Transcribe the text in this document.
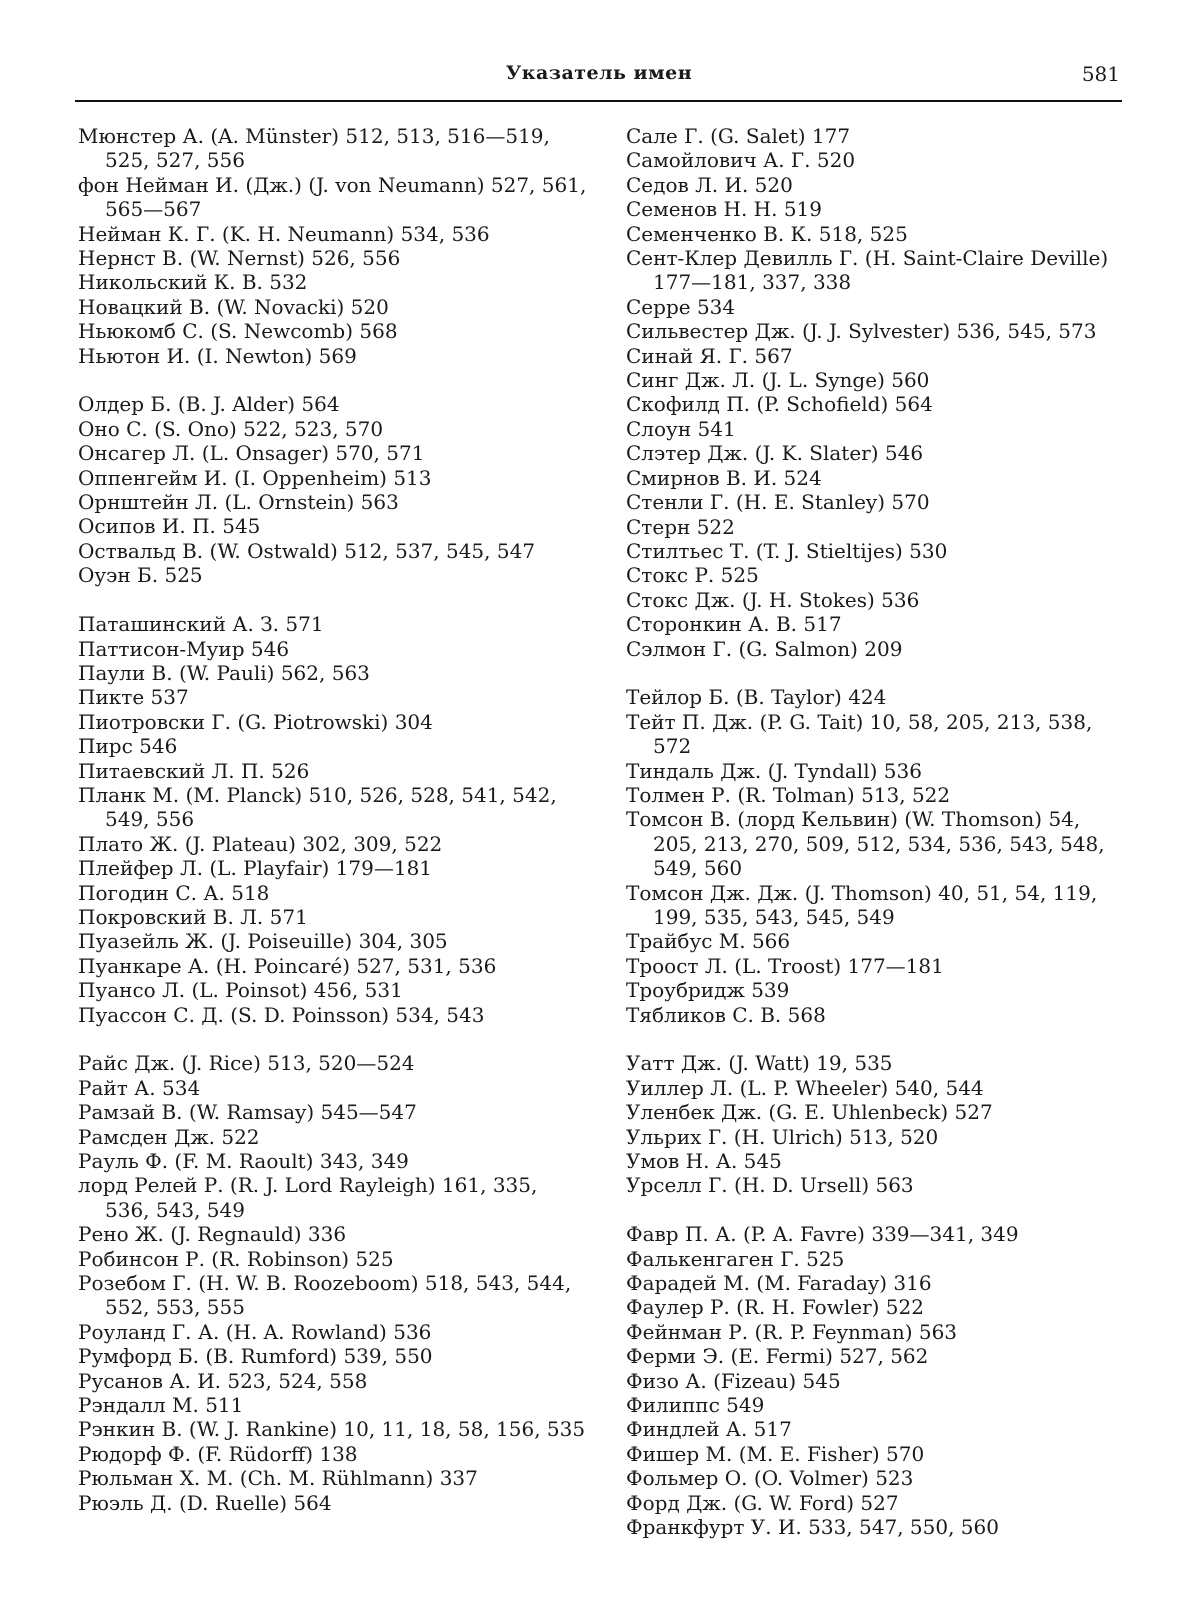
Указатель имен	581
Мюнстер А. (A. Münster) 512, 513, 516—519, 525, 527, 556
фон Нейман И. (Дж.) (J. von Neumann) 527, 561, 565—567
Нейман К. Г. (K. H. Neumann) 534, 536
Нернст В. (W. Nernst) 526, 556
Никольский К. В. 532
Новацкий В. (W. Novacki) 520
Ньюкомб С. (S. Newcomb) 568
Ньютон И. (I. Newton) 569
Олдер Б. (B. J. Alder) 564
Оно С. (S. Ono) 522, 523, 570
Онсагер Л. (L. Onsager) 570, 571
Оппенгейм И. (I. Oppenheim) 513
Орнштейн Л. (L. Ornstein) 563
Осипов И. П. 545
Оствальд В. (W. Ostwald) 512, 537, 545, 547
Оуэн Б. 525
Паташинский А. З. 571
Паттисон-Муир 546
Паули В. (W. Pauli) 562, 563
Пикте 537
Пиотровски Г. (G. Piotrowski) 304
Пирс 546
Питаевский Л. П. 526
Планк М. (M. Planck) 510, 526, 528, 541, 542, 549, 556
Плато Ж. (J. Plateau) 302, 309, 522
Плейфер Л. (L. Playfair) 179—181
Погодин С. А. 518
Покровский В. Л. 571
Пуазейль Ж. (J. Poiseuille) 304, 305
Пуанкаре А. (H. Poincaré) 527, 531, 536
Пуансо Л. (L. Poinsot) 456, 531
Пуассон С. Д. (S. D. Poinsson) 534, 543
Райс Дж. (J. Rice) 513, 520—524
Райт А. 534
Рамзай В. (W. Ramsay) 545—547
Рамсден Дж. 522
Рауль Ф. (F. M. Raoult) 343, 349
лорд Релей Р. (R. J. Lord Rayleigh) 161, 335, 536, 543, 549
Рено Ж. (J. Regnauld) 336
Робинсон Р. (R. Robinson) 525
Розебом Г. (H. W. B. Roozeboom) 518, 543, 544, 552, 553, 555
Роуланд Г. А. (H. A. Rowland) 536
Румфорд Б. (B. Rumford) 539, 550
Русанов А. И. 523, 524, 558
Рэндалл М. 511
Рэнкин В. (W. J. Rankine) 10, 11, 18, 58, 156, 535
Рюдорф Ф. (F. Rüdorff) 138
Рюльман Х. М. (Ch. M. Rühlmann) 337
Рюэль Д. (D. Ruelle) 564
Сале Г. (G. Salet) 177
Самойлович А. Г. 520
Седов Л. И. 520
Семенов Н. Н. 519
Семенченко В. К. 518, 525
Сент-Клер Девилль Г. (H. Saint-Claire Deville) 177—181, 337, 338
Серре 534
Сильвестер Дж. (J. J. Sylvester) 536, 545, 573
Синай Я. Г. 567
Синг Дж. Л. (J. L. Synge) 560
Скофилд П. (P. Schofield) 564
Слоун 541
Слэтер Дж. (J. K. Slater) 546
Смирнов В. И. 524
Стенли Г. (H. E. Stanley) 570
Стерн 522
Стилтьес Т. (T. J. Stieltijes) 530
Стокс Р. 525
Стокс Дж. (J. H. Stokes) 536
Сторонкин А. В. 517
Сэлмон Г. (G. Salmon) 209
Тейлор Б. (B. Taylor) 424
Тейт П. Дж. (P. G. Tait) 10, 58, 205, 213, 538, 572
Тиндаль Дж. (J. Tyndall) 536
Толмен Р. (R. Tolman) 513, 522
Томсон В. (лорд Кельвин) (W. Thomson) 54, 205, 213, 270, 509, 512, 534, 536, 543, 548, 549, 560
Томсон Дж. Дж. (J. Thomson) 40, 51, 54, 119, 199, 535, 543, 545, 549
Трайбус М. 566
Трооcт Л. (L. Troost) 177—181
Троубридж 539
Тябликов С. В. 568
Уатт Дж. (J. Watt) 19, 535
Уиллер Л. (L. P. Wheeler) 540, 544
Уленбек Дж. (G. E. Uhlenbeck) 527
Ульрих Г. (H. Ulrich) 513, 520
Умов Н. А. 545
Урселл Г. (H. D. Ursell) 563
Фавр П. А. (P. A. Favre) 339—341, 349
Фалькенгаген Г. 525
Фарадей М. (M. Faraday) 316
Фаулер Р. (R. H. Fowler) 522
Фейнман Р. (R. P. Feynman) 563
Ферми Э. (E. Fermi) 527, 562
Физо А. (Fizeau) 545
Филиппс 549
Финдлей А. 517
Фишер М. (M. E. Fisher) 570
Фольмер О. (O. Volmer) 523
Форд Дж. (G. W. Ford) 527
Франкфурт У. И. 533, 547, 550, 560
